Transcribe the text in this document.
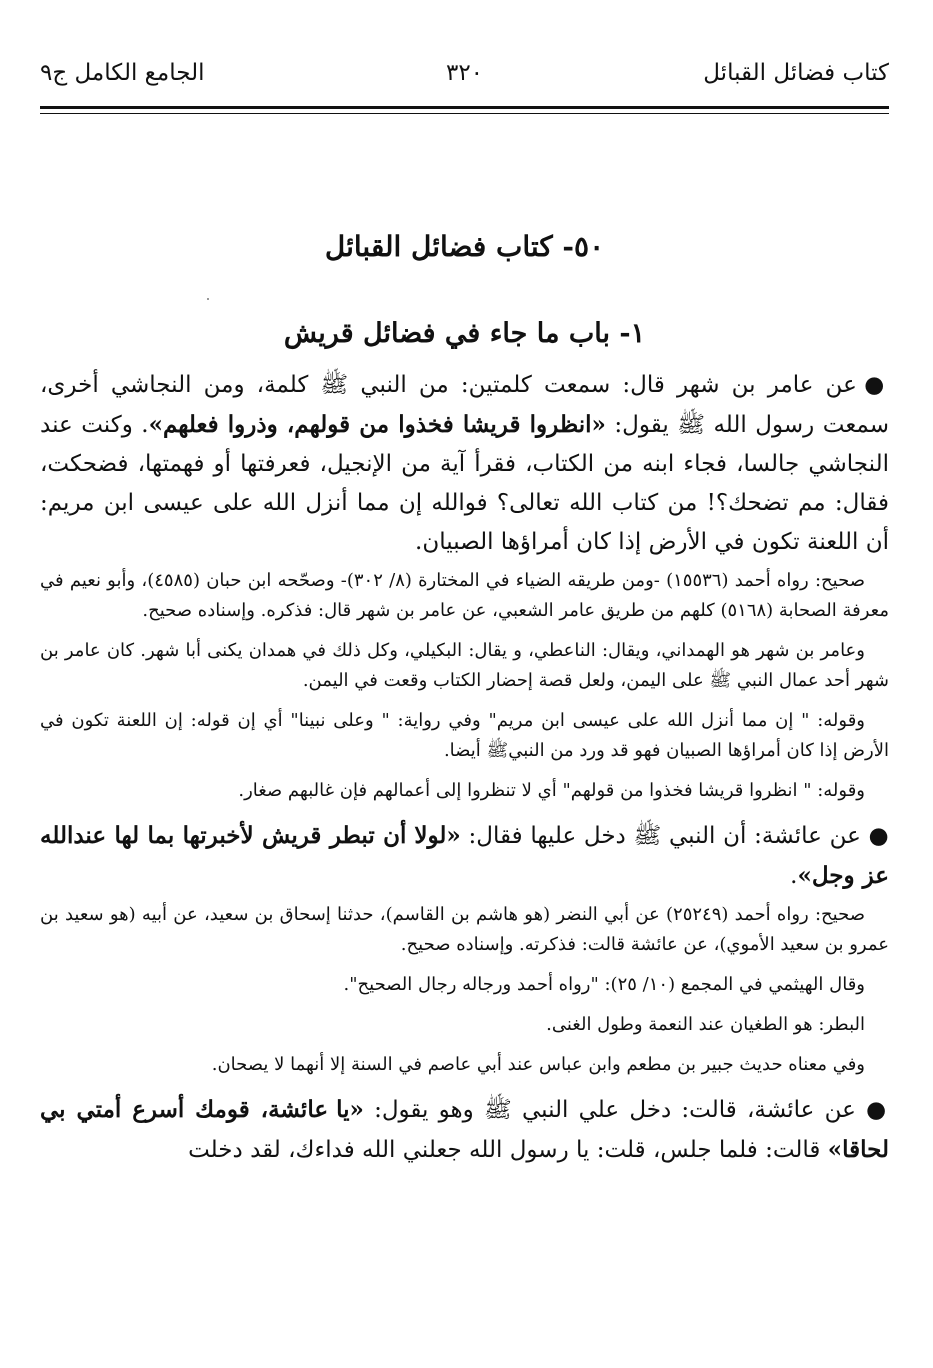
كتاب فضائل القبائل
٣٢٠
الجامع الكامل ج٩
٥٠- كتاب فضائل القبائل
١- باب ما جاء في فضائل قريش

● عن عامر بن شهر قال: سمعت كلمتين: من النبي ﷺ كلمة، ومن النجاشي أخرى، سمعت رسول الله ﷺ يقول: «انظروا قريشا فخذوا من قولهم، وذروا فعلهم». وكنت عند النجاشي جالسا، فجاء ابنه من الكتاب، فقرأ آية من الإنجيل، فعرفتها أو فهمتها، فضحكت، فقال: مم تضحك؟! من كتاب الله تعالى؟ فوالله إن مما أنزل الله على عيسى ابن مريم: أن اللعنة تكون في الأرض إذا كان أمراؤها الصبيان.

صحيح: رواه أحمد (١٥٥٣٦) -ومن طريقه الضياء في المختارة (٨/ ٣٠٢)- وصحّحه ابن حبان (٤٥٨٥)، وأبو نعيم في معرفة الصحابة (٥١٦٨) كلهم من طريق عامر الشعبي، عن عامر بن شهر قال: فذكره. وإسناده صحيح.

وعامر بن شهر هو الهمداني، ويقال: الناعطي، و يقال: البكيلي، وكل ذلك في همدان يكنى أبا شهر. كان عامر بن شهر أحد عمال النبي ﷺ على اليمن، ولعل قصة إحضار الكتاب وقعت في اليمن.

وقوله: " إن مما أنزل الله على عيسى ابن مريم" وفي رواية: " وعلى نبينا" أي إن قوله: إن اللعنة تكون في الأرض إذا كان أمراؤها الصبيان فهو قد ورد من النبيﷺ أيضا.

وقوله: " انظروا قريشا فخذوا من قولهم" أي لا تنظروا إلى أعمالهم فإن غالبهم صغار.

● عن عائشة: أن النبي ﷺ دخل عليها فقال: «لولا أن تبطر قريش لأخبرتها بما لها عندالله عز وجل».

صحيح: رواه أحمد (٢٥٢٤٩) عن أبي النضر (هو هاشم بن القاسم)، حدثنا إسحاق بن سعيد، عن أبيه (هو سعيد بن عمرو بن سعيد الأموي)، عن عائشة قالت: فذكرته. وإسناده صحيح.

وقال الهيثمي في المجمع (١٠/ ٢٥): "رواه أحمد ورجاله رجال الصحيح".

البطر: هو الطغيان عند النعمة وطول الغنى.

وفي معناه حديث جبير بن مطعم وابن عباس عند أبي عاصم في السنة إلا أنهما لا يصحان.

● عن عائشة، قالت: دخل علي النبي ﷺ وهو يقول: «يا عائشة، قومك أسرع أمتي بي لحاقا» قالت: فلما جلس، قلت: يا رسول الله جعلني الله فداءك، لقد دخلت
